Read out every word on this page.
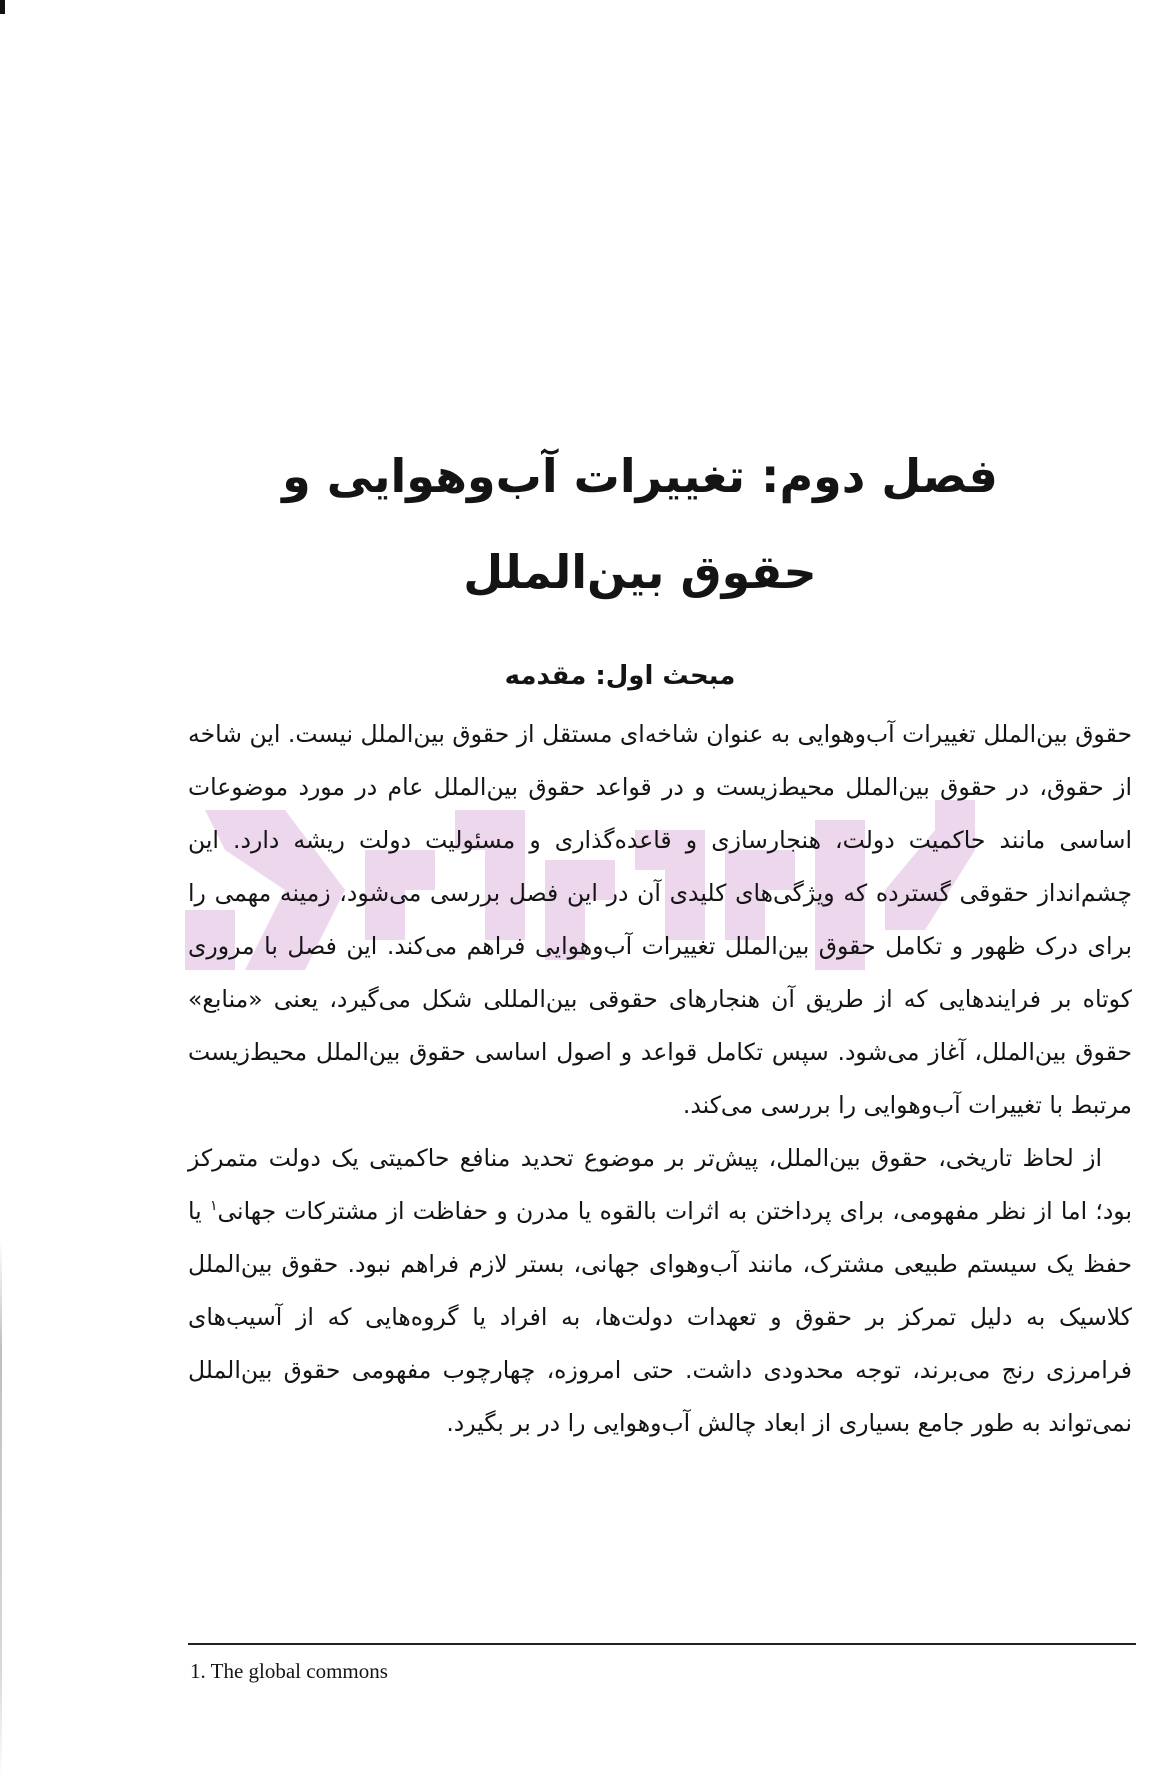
فصل دوم: تغییرات آب‌وهوایی و حقوق بین‌الملل
مبحث اول: مقدمه

حقوق بین‌الملل تغییرات آب‌وهوایی به عنوان شاخه‌ای مستقل از حقوق بین‌الملل نیست. این شاخه از حقوق، در حقوق بین‌الملل محیط‌زیست و در قواعد حقوق بین‌الملل عام در مورد موضوعات اساسی مانند حاکمیت دولت، هنجارسازی و قاعده‌گذاری و مسئولیت دولت ریشه دارد. این چشم‌انداز حقوقی گسترده که ویژگی‌های کلیدی آن در این فصل بررسی می‌شود، زمینه مهمی را برای درک ظهور و تکامل حقوق بین‌الملل تغییرات آب‌وهوایی فراهم می‌کند. این فصل با مروری کوتاه بر فرایندهایی که از طریق آن هنجارهای حقوقی بین‌المللی شکل می‌گیرد، یعنی «منابع» حقوق بین‌الملل، آغاز می‌شود. سپس تکامل قواعد و اصول اساسی حقوق بین‌الملل محیط‌زیست مرتبط با تغییرات آب‌وهوایی را بررسی می‌کند.

از لحاظ تاریخی، حقوق بین‌الملل، پیش‌تر بر موضوع تحدید منافع حاکمیتی یک دولت متمرکز بود؛ اما از نظر مفهومی، برای پرداختن به اثرات بالقوه یا مدرن و حفاظت از مشترکات جهانی$^۱$ یا حفظ یک سیستم طبیعی مشترک، مانند آب‌وهوای جهانی، بستر لازم فراهم نبود. حقوق بین‌الملل کلاسیک به دلیل تمرکز بر حقوق و تعهدات دولت‌ها، به افراد یا گروه‌هایی که از آسیب‌های فرامرزی رنج می‌برند، توجه محدودی داشت. حتی امروزه، چهارچوب مفهومی حقوق بین‌الملل نمی‌تواند به طور جامع بسیاری از ابعاد چالش آب‌وهوایی را در بر بگیرد.

1. The global commons
